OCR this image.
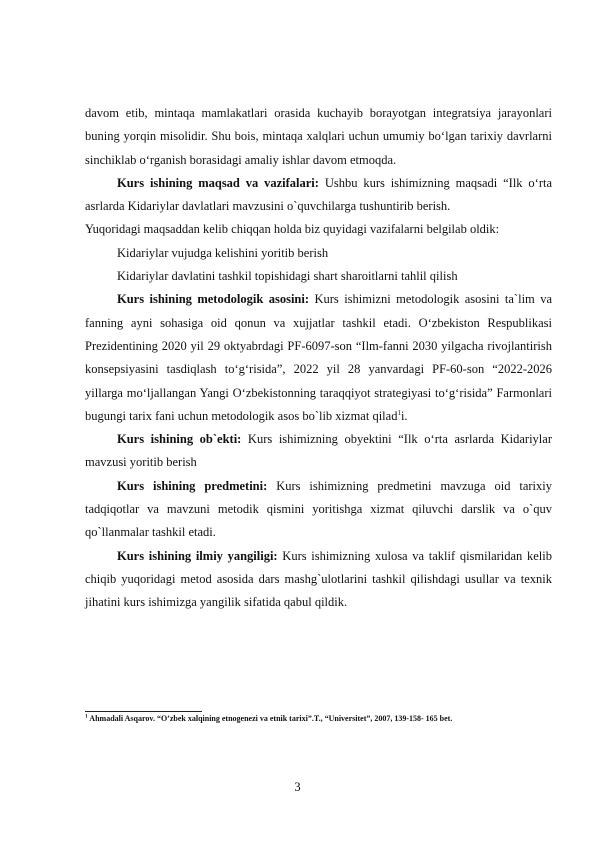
davom etib, mintaqa mamlakatlari orasida kuchayib borayotgan integratsiya jarayonlari buning yorqin misolidir. Shu bois, mintaqa xalqlari uchun umumiy bo‘lgan tarixiy davrlarni sinchiklab o‘rganish borasidagi amaliy ishlar davom etmoqda.

Kurs ishining maqsad va vazifalari: Ushbu kurs ishimizning maqsadi “Ilk o‘rta asrlarda Kidariylar davlatlari mavzusini o`quvchilarga tushuntirib berish.

Yuqoridagi maqsaddan kelib chiqqan holda biz quyidagi vazifalarni belgilab oldik:

Kidariylar vujudga kelishini yoritib berish

Kidariylar davlatini tashkil topishidagi shart sharoitlarni tahlil qilish

Kurs ishining metodologik asosini: Kurs ishimizni metodologik asosini ta`lim va fanning ayni sohasiga oid qonun va xujjatlar tashkil etadi. O‘zbekiston Respublikasi Prezidentining 2020 yil 29 oktyabrdagi PF-6097-son “Ilm-fanni 2030 yilgacha rivojlantirish konsepsiyasini tasdiqlash to‘g‘risida”, 2022 yil 28 yanvardagi PF-60-son “2022-2026 yillarga mo‘ljallangan Yangi O‘zbekistonning taraqqiyot strategiyasi to‘g‘risida” Farmonlari bugungi tarix fani uchun metodologik asos bo`lib xizmat qilad$^1$i.

Kurs ishining ob`ekti: Kurs ishimizning obyektini “Ilk o‘rta asrlarda Kidariylar mavzusi yoritib berish

Kurs ishining predmetini: Kurs ishimizning predmetini mavzuga oid tarixiy tadqiqotlar va mavzuni metodik qismini yoritishga xizmat qiluvchi darslik va o`quv qo`llanmalar tashkil etadi.

Kurs ishining ilmiy yangiligi: Kurs ishimizning xulosa va taklif qismilaridan kelib chiqib yuqoridagi metod asosida dars mashg`ulotlarini tashkil qilishdagi usullar va texnik jihatini kurs ishimizga yangilik sifatida qabul qildik.

$^1$ Ahmadali Asqarov. “O’zbek xalqining etnogenezi va etnik tarixi”.T., “Universitet”, 2007, 139-158- 165 bet.
3
